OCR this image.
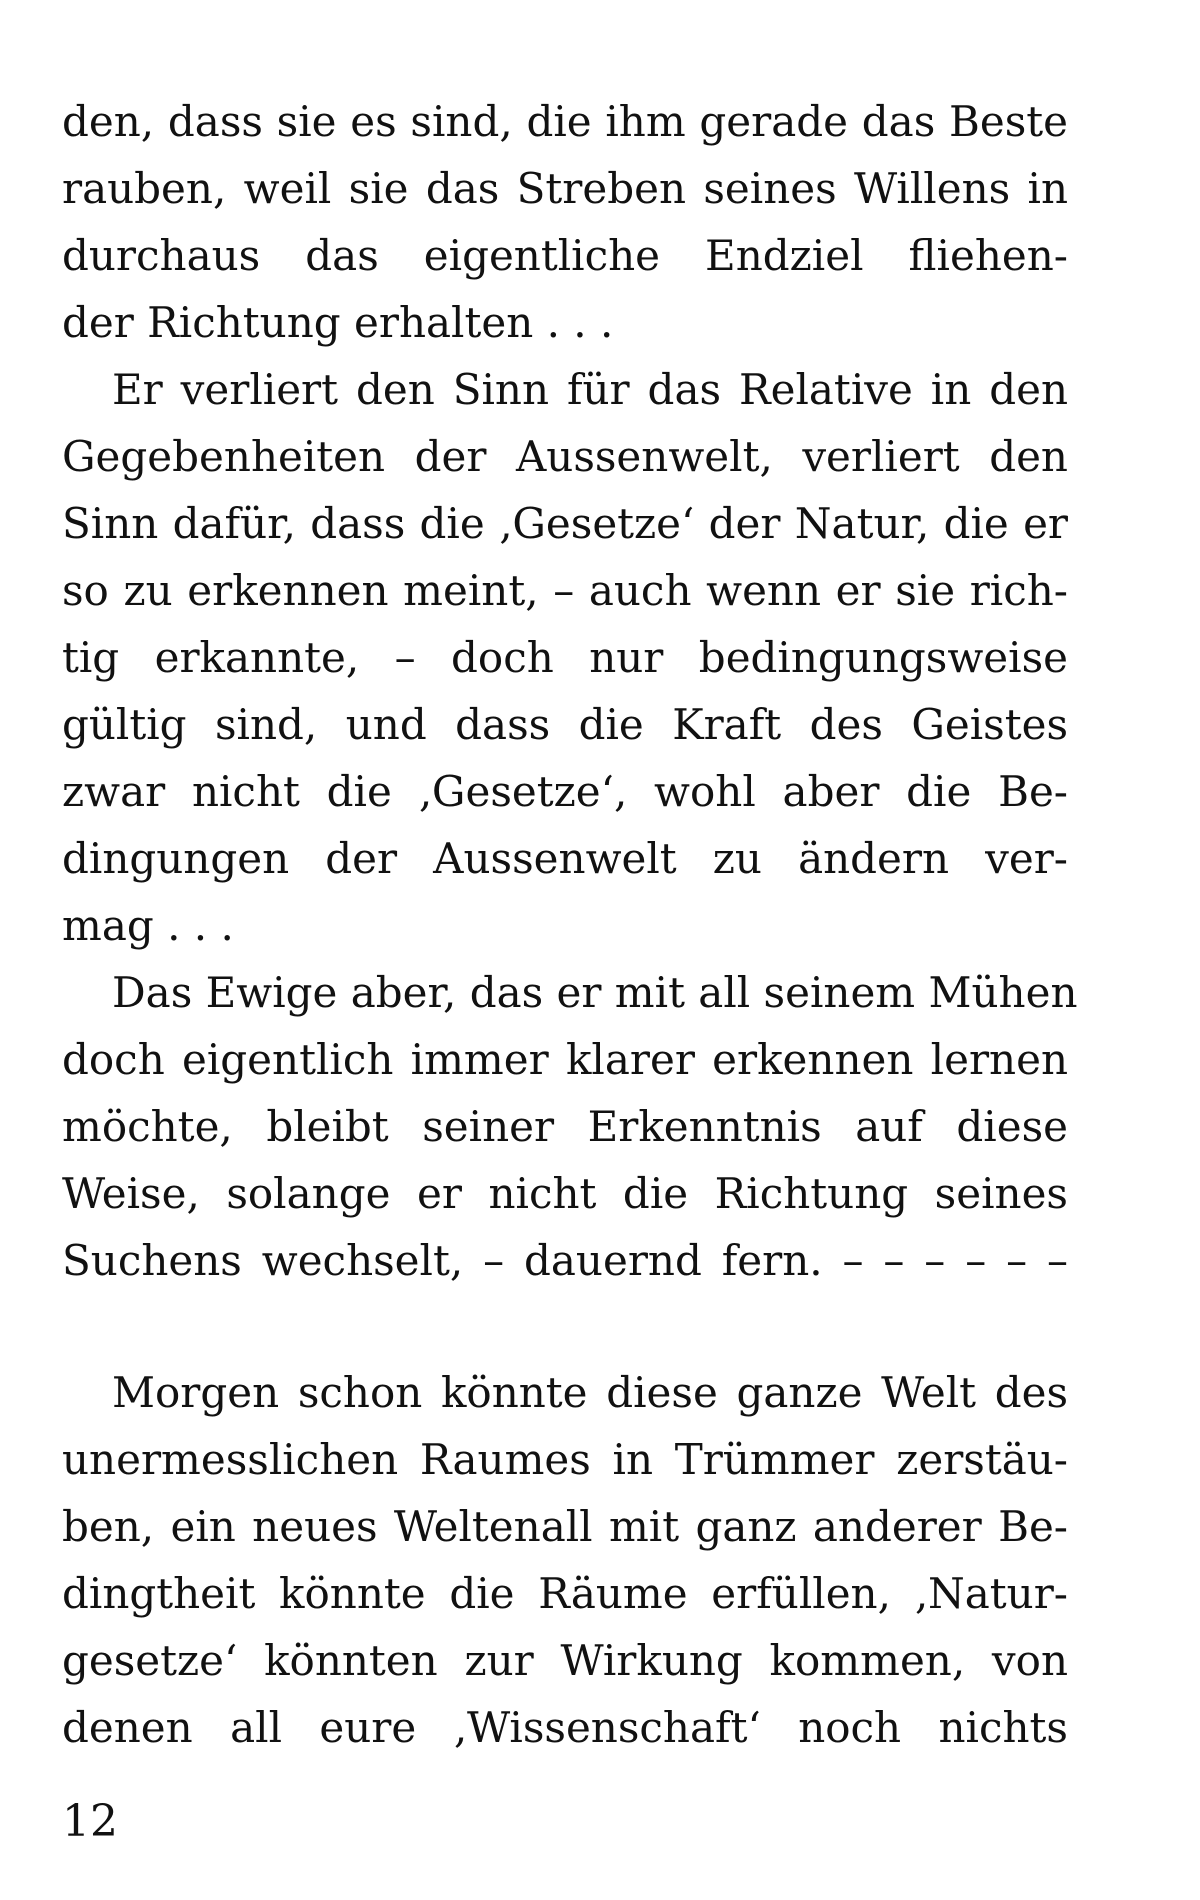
den, dass sie es sind, die ihm gerade das Beste
rauben, weil sie das Streben seines Willens in
durchaus das eigentliche Endziel fliehen-
der Richtung erhalten . . .
Er verliert den Sinn für das Relative in den
Gegebenheiten der Aussenwelt, verliert den
Sinn dafür, dass die ‚Gesetze‘ der Natur, die er
so zu erkennen meint, – auch wenn er sie rich-
tig erkannte, – doch nur bedingungsweise
gültig sind, und dass die Kraft des Geistes
zwar nicht die ‚Gesetze‘, wohl aber die Be-
dingungen der Aussenwelt zu ändern ver-
mag . . .
Das Ewige aber, das er mit all seinem Mühen
doch eigentlich immer klarer erkennen lernen
möchte, bleibt seiner Erkenntnis auf diese
Weise, solange er nicht die Richtung seines
Suchens wechselt, – dauernd fern. – – – – – –
Morgen schon könnte diese ganze Welt des
unermesslichen Raumes in Trümmer zerstäu-
ben, ein neues Weltenall mit ganz anderer Be-
dingtheit könnte die Räume erfüllen, ‚Natur-
gesetze‘ könnten zur Wirkung kommen, von
denen all eure ‚Wissenschaft‘ noch nichts
12
